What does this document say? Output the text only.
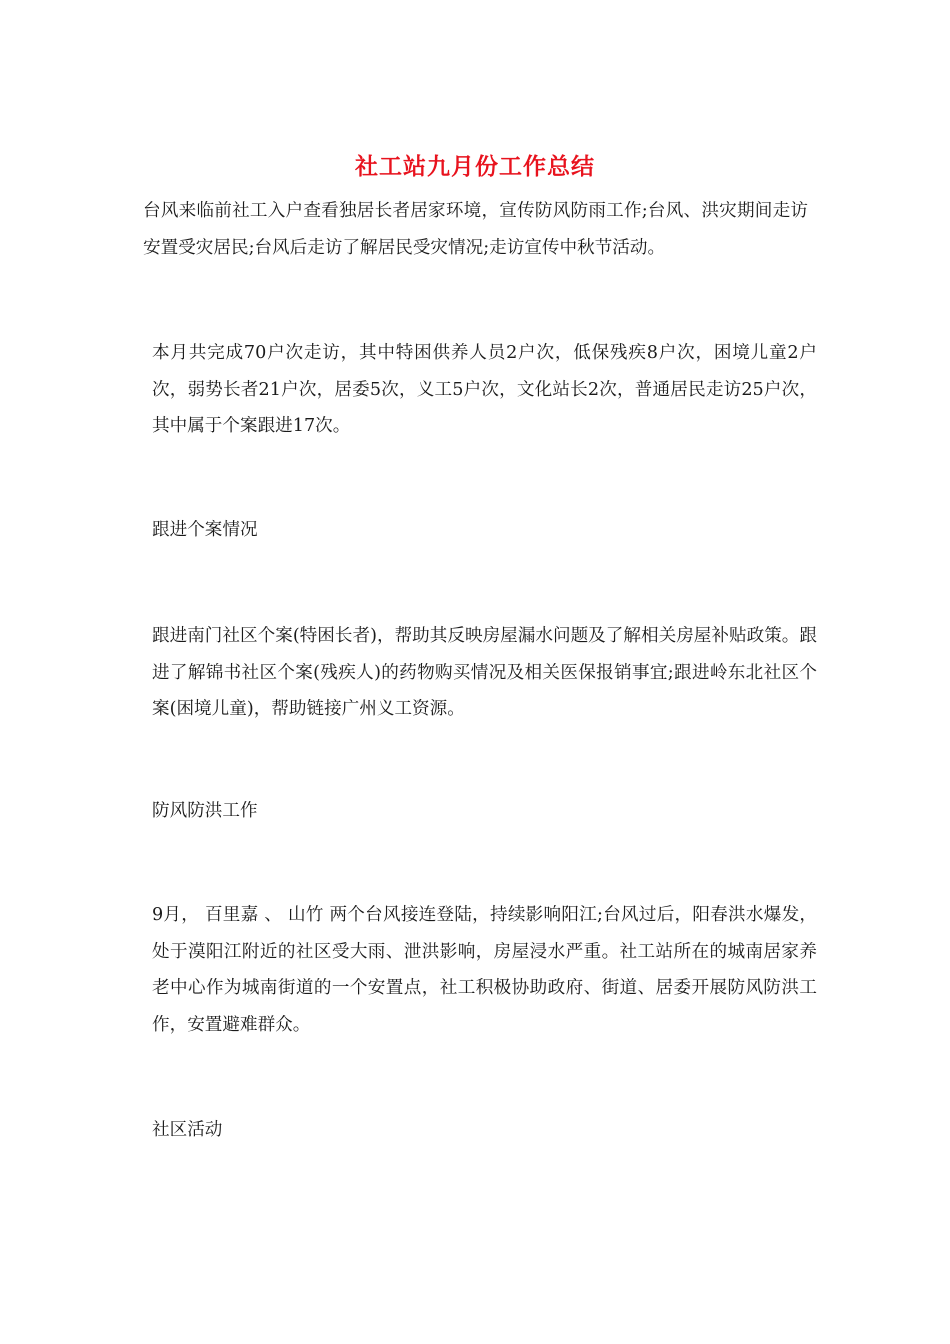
社工站九月份工作总结

台风来临前社工入户查看独居长者居家环境，宣传防风防雨工作;台风、洪灾期间走访安置受灾居民;台风后走访了解居民受灾情况;走访宣传中秋节活动。

本月共完成70户次走访，其中特困供养人员2户次，低保残疾8户次，困境儿童2户次，弱势长者21户次，居委5次，义工5户次，文化站长2次，普通居民走访25户次，其中属于个案跟进17次。

跟进个案情况

跟进南门社区个案(特困长者)，帮助其反映房屋漏水问题及了解相关房屋补贴政策。跟进了解锦书社区个案(残疾人)的药物购买情况及相关医保报销事宜;跟进岭东北社区个案(困境儿童)，帮助链接广州义工资源。

防风防洪工作

9月， 百里嘉 、 山竹 两个台风接连登陆，持续影响阳江;台风过后，阳春洪水爆发，处于漠阳江附近的社区受大雨、泄洪影响，房屋浸水严重。社工站所在的城南居家养老中心作为城南街道的一个安置点，社工积极协助政府、街道、居委开展防风防洪工作，安置避难群众。

社区活动
